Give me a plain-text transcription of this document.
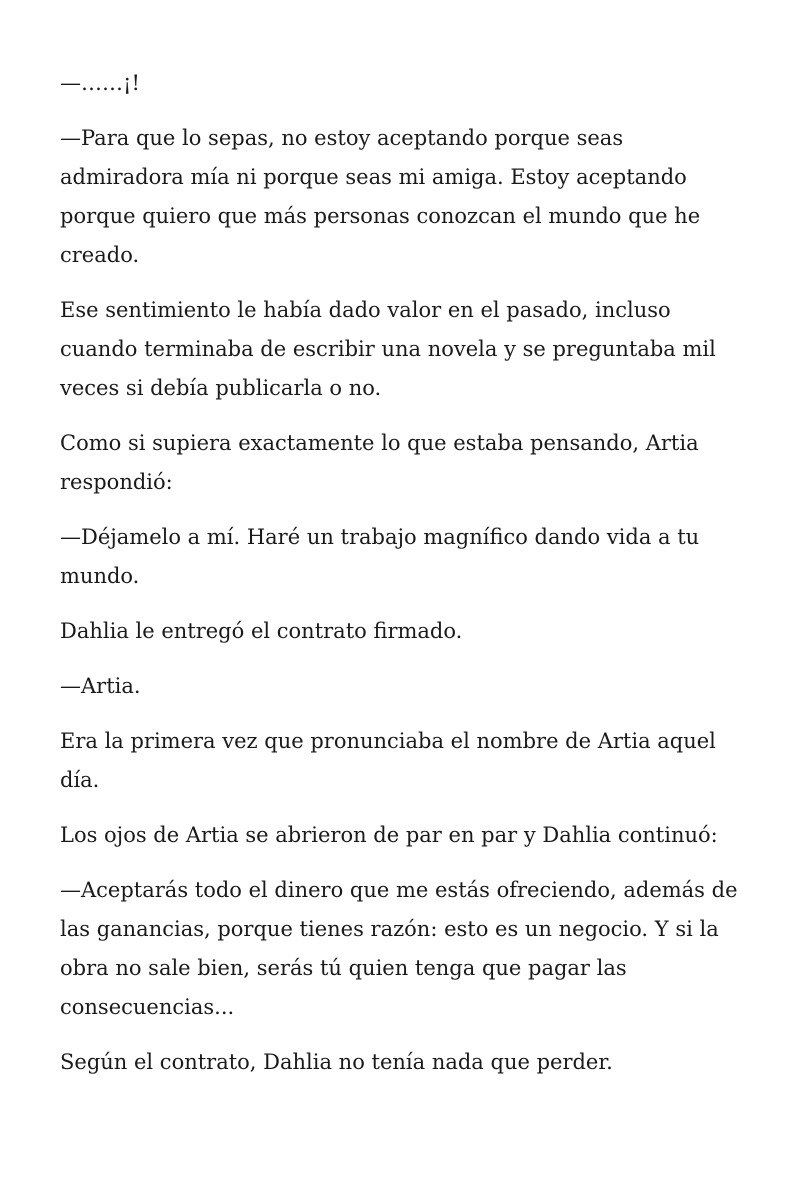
—……¡!

—Para que lo sepas, no estoy aceptando porque seas admiradora mía ni porque seas mi amiga. Estoy aceptando porque quiero que más personas conozcan el mundo que he creado.

Ese sentimiento le había dado valor en el pasado, incluso cuando terminaba de escribir una novela y se preguntaba mil veces si debía publicarla o no.

Como si supiera exactamente lo que estaba pensando, Artia respondió:

—Déjamelo a mí. Haré un trabajo magnífico dando vida a tu mundo.

Dahlia le entregó el contrato firmado.

—Artia.

Era la primera vez que pronunciaba el nombre de Artia aquel día.

Los ojos de Artia se abrieron de par en par y Dahlia continuó:

—Aceptarás todo el dinero que me estás ofreciendo, además de las ganancias, porque tienes razón: esto es un negocio. Y si la obra no sale bien, serás tú quien tenga que pagar las consecuencias...

Según el contrato, Dahlia no tenía nada que perder.
